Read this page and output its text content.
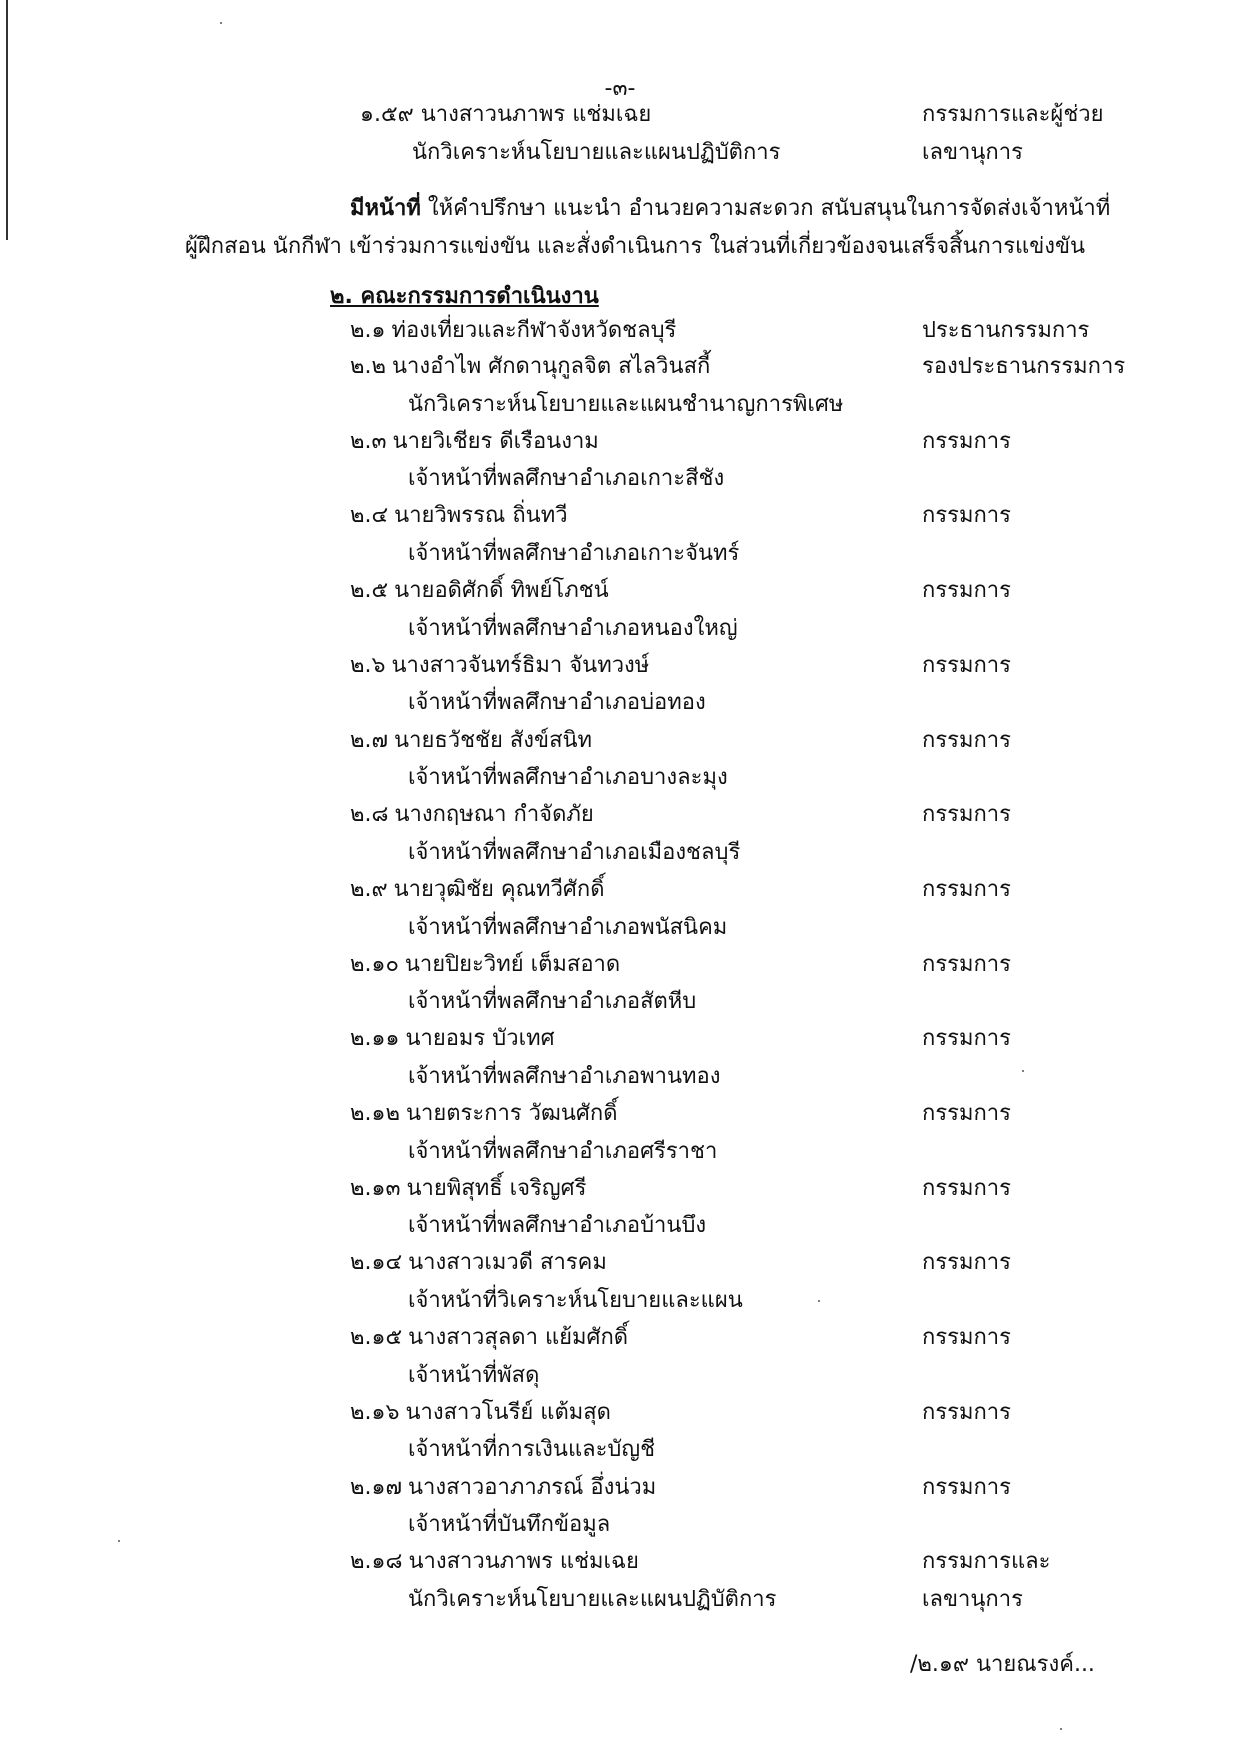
-๓-
๑.๕๙ นางสาวนภาพร แช่มเฉย	กรรมการและผู้ช่วย
นักวิเคราะห์นโยบายและแผนปฏิบัติการ	เลขานุการ
มีหน้าที่ ให้คำปรึกษา แนะนำ อำนวยความสะดวก สนับสนุนในการจัดส่งเจ้าหน้าที่
ผู้ฝึกสอน นักกีฬา เข้าร่วมการแข่งขัน และสั่งดำเนินการ ในส่วนที่เกี่ยวข้องจนเสร็จสิ้นการแข่งขัน
๒. คณะกรรมการดำเนินงาน
๒.๑ ท่องเที่ยวและกีฬาจังหวัดชลบุรี	ประธานกรรมการ
๒.๒ นางอำไพ ศักดานุกูลจิต สไลวินสกี้	รองประธานกรรมการ
นักวิเคราะห์นโยบายและแผนชำนาญการพิเศษ
๒.๓ นายวิเชียร ดีเรือนงาม	กรรมการ
เจ้าหน้าที่พลศึกษาอำเภอเกาะสีชัง
๒.๔ นายวิพรรณ ถิ่นทวี	กรรมการ
เจ้าหน้าที่พลศึกษาอำเภอเกาะจันทร์
๒.๕ นายอดิศักดิ์ ทิพย์โภชน์	กรรมการ
เจ้าหน้าที่พลศึกษาอำเภอหนองใหญ่
๒.๖ นางสาวจันทร์ธิมา จันทวงษ์	กรรมการ
เจ้าหน้าที่พลศึกษาอำเภอบ่อทอง
๒.๗ นายธวัชชัย สังข์สนิท	กรรมการ
เจ้าหน้าที่พลศึกษาอำเภอบางละมุง
๒.๘ นางกฤษณา กำจัดภัย	กรรมการ
เจ้าหน้าที่พลศึกษาอำเภอเมืองชลบุรี
๒.๙ นายวุฒิชัย คุณทวีศักดิ์	กรรมการ
เจ้าหน้าที่พลศึกษาอำเภอพนัสนิคม
๒.๑๐ นายปิยะวิทย์ เต็มสอาด	กรรมการ
เจ้าหน้าที่พลศึกษาอำเภอสัตหีบ
๒.๑๑ นายอมร บัวเทศ	กรรมการ
เจ้าหน้าที่พลศึกษาอำเภอพานทอง
๒.๑๒ นายตระการ วัฒนศักดิ์	กรรมการ
เจ้าหน้าที่พลศึกษาอำเภอศรีราชา
๒.๑๓ นายพิสุทธิ์ เจริญศรี	กรรมการ
เจ้าหน้าที่พลศึกษาอำเภอบ้านบึง
๒.๑๔ นางสาวเมวดี สารคม	กรรมการ
เจ้าหน้าที่วิเคราะห์นโยบายและแผน
๒.๑๕ นางสาวสุลดา แย้มศักดิ์	กรรมการ
เจ้าหน้าที่พัสดุ
๒.๑๖ นางสาวโนรีย์ แต้มสุด	กรรมการ
เจ้าหน้าที่การเงินและบัญชี
๒.๑๗ นางสาวอาภาภรณ์ อึ่งน่วม	กรรมการ
เจ้าหน้าที่บันทึกข้อมูล
๒.๑๘ นางสาวนภาพร แช่มเฉย	กรรมการและ
นักวิเคราะห์นโยบายและแผนปฏิบัติการ	เลขานุการ
/๒.๑๙ นายณรงค์...
